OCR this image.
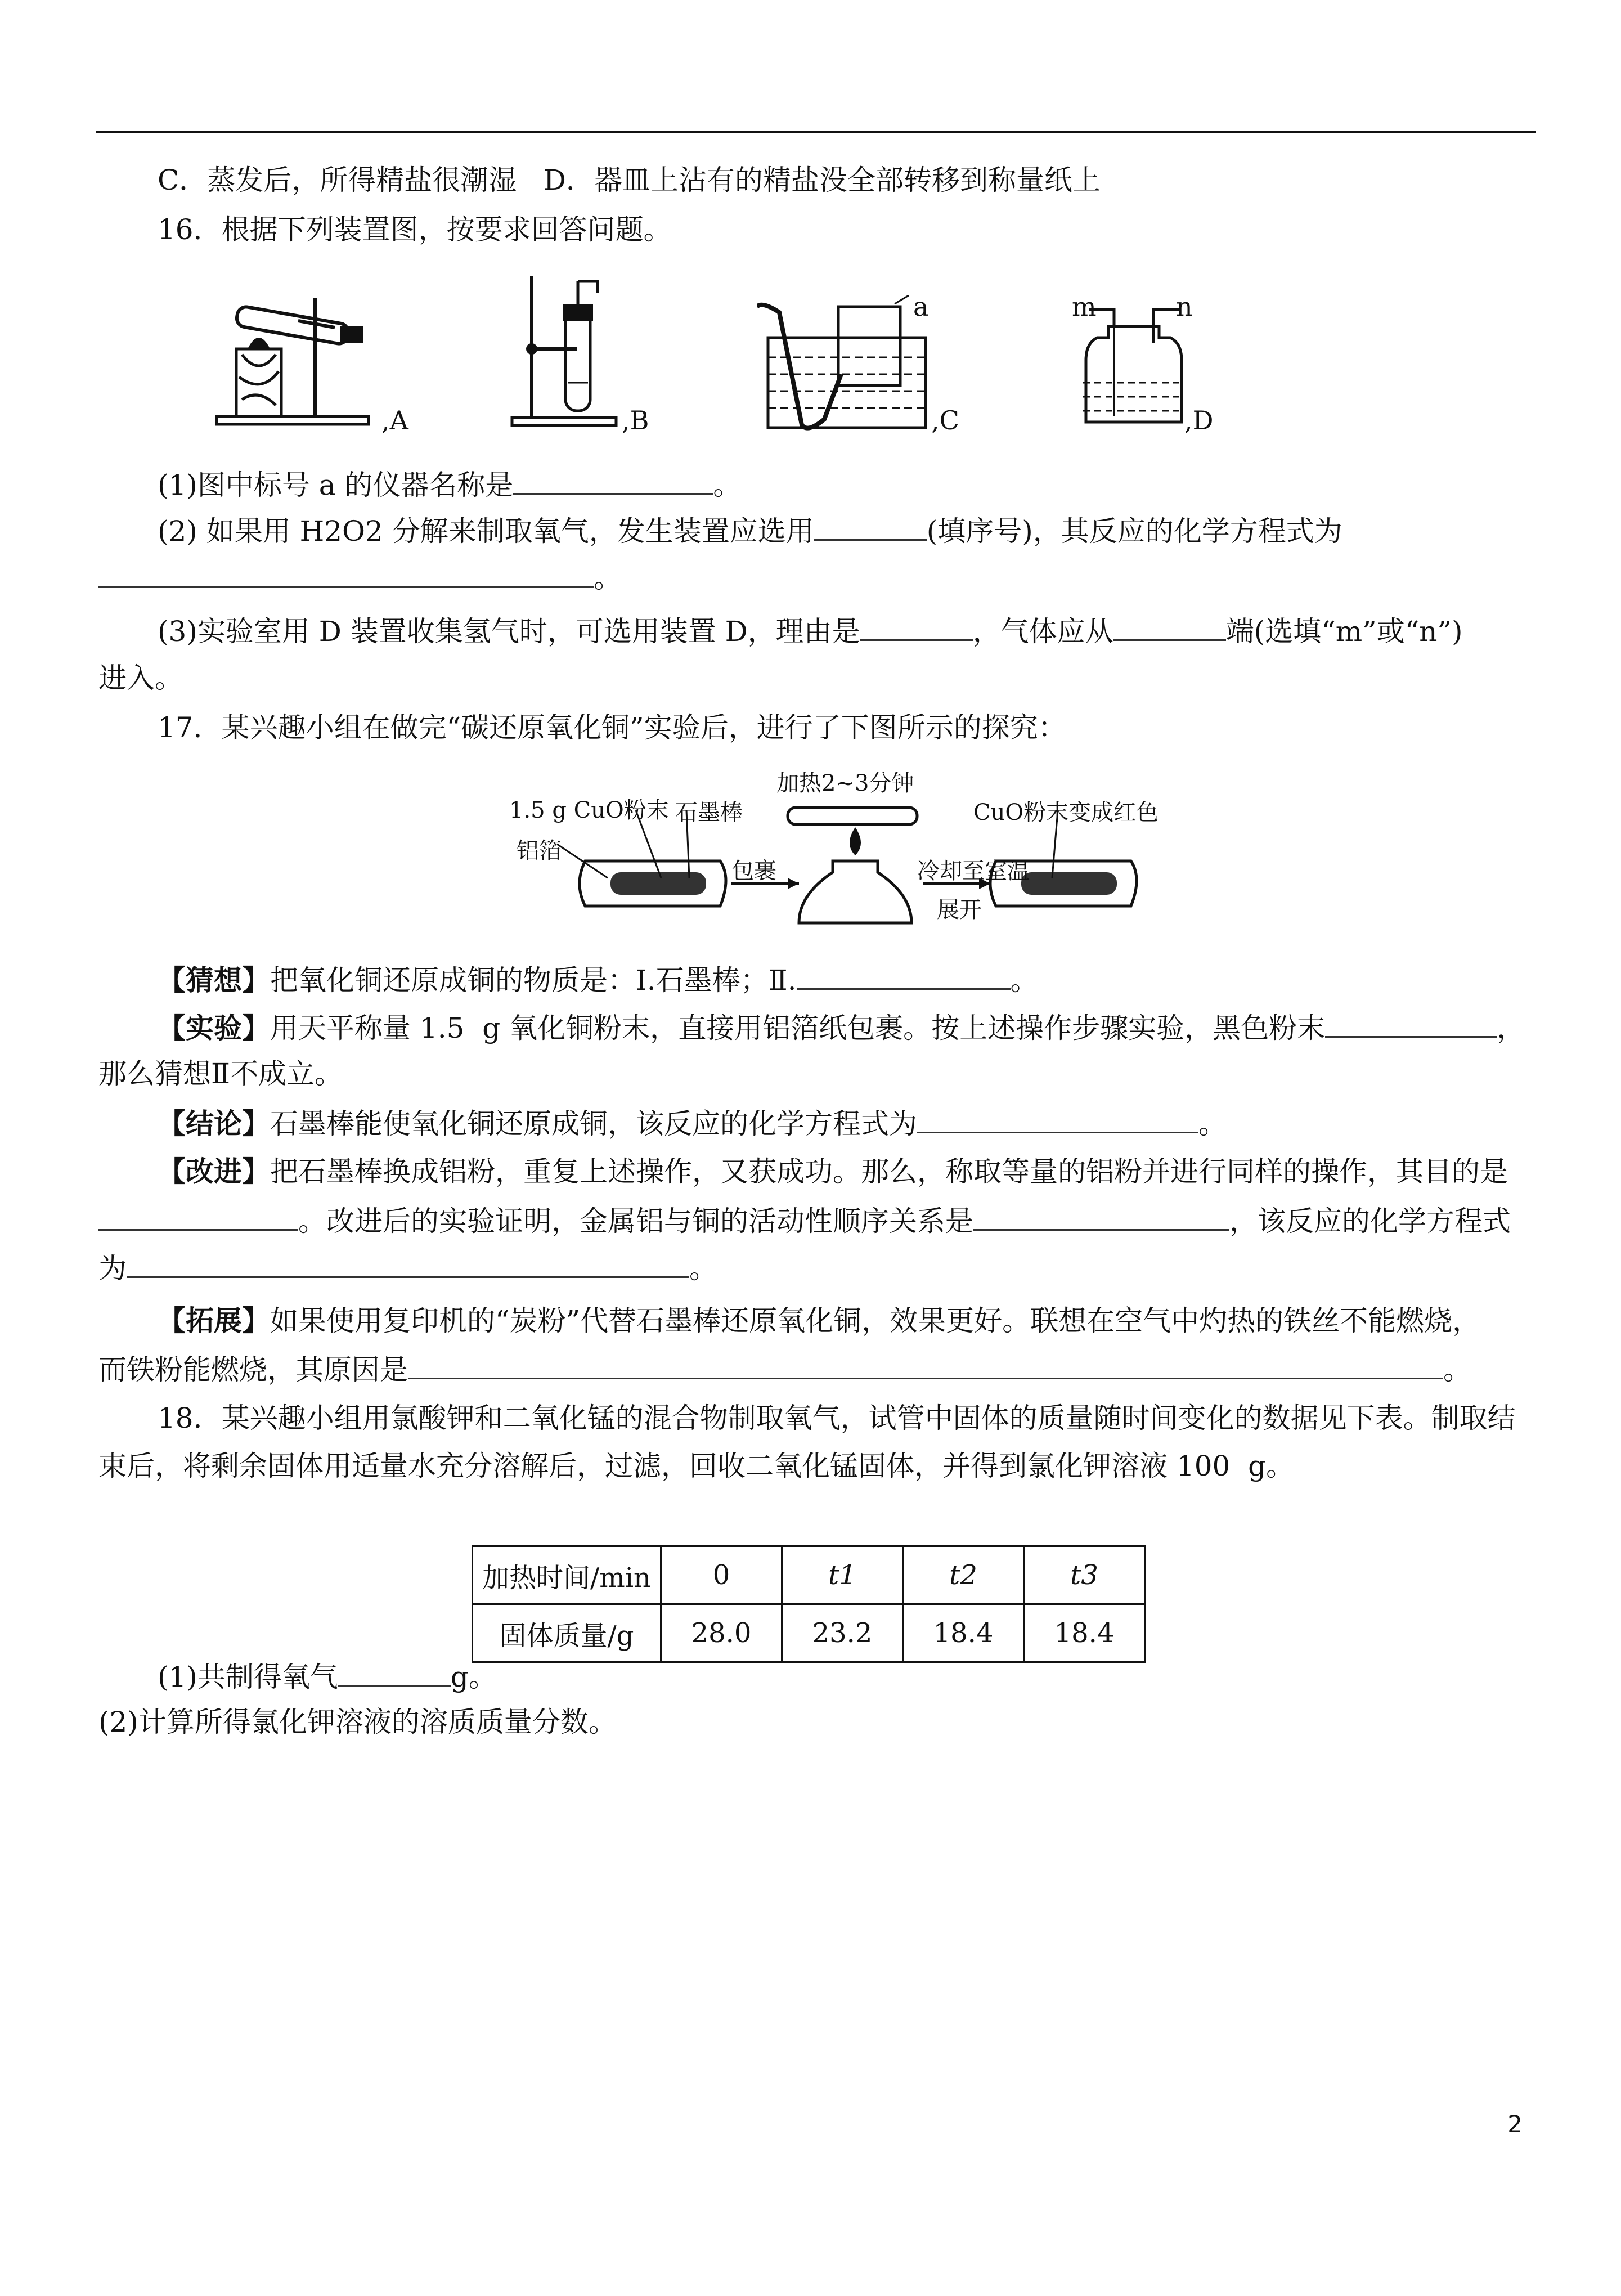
C．蒸发后，所得精盐很潮湿   D．器皿上沾有的精盐没全部转移到称量纸上
16．根据下列装置图，按要求回答问题。
,A	,B
a
,C
m	n
,D
(1)图中标号 a 的仪器名称是	。
(2) 如果用 H2O2 分解来制取氧气，发生装置应选用	(填序号)，其反应的化学方程式为
。
(3)实验室用 D 装置收集氢气时，可选用装置 D，理由是	，气体应从	端(选填“m”或“n”)
进入。
17．某兴趣小组在做完“碳还原氧化铜”实验后，进行了下图所示的探究：
1.5 g CuO粉末 石墨棒
铝箔
包裹
加热2~3分钟
冷却至室温
展开
CuO粉末变成红色
【猜想】把氧化铜还原成铜的物质是：Ⅰ.石墨棒；Ⅱ.	。
【实验】用天平称量 1.5  g 氧化铜粉末，直接用铝箔纸包裹。按上述操作步骤实验，黑色粉末	，
那么猜想Ⅱ不成立。
【结论】石墨棒能使氧化铜还原成铜，该反应的化学方程式为	。
【改进】把石墨棒换成铝粉，重复上述操作，又获成功。那么，称取等量的铝粉并进行同样的操作，其目的是
。改进后的实验证明，金属铝与铜的活动性顺序关系是	，该反应的化学方程式
为	。
【拓展】如果使用复印机的“炭粉”代替石墨棒还原氧化铜，效果更好。联想在空气中灼热的铁丝不能燃烧，
而铁粉能燃烧，其原因是	。
18．某兴趣小组用氯酸钾和二氧化锰的混合物制取氧气，试管中固体的质量随时间变化的数据见下表。制取结
束后，将剩余固体用适量水充分溶解后，过滤，回收二氧化锰固体，并得到氯化钾溶液 100  g。
加热时间/min	0	t1	t2	t3
固体质量/g	28.0	23.2	18.4	18.4
(1)共制得氧气	g。
(2)计算所得氯化钾溶液的溶质质量分数。
2
